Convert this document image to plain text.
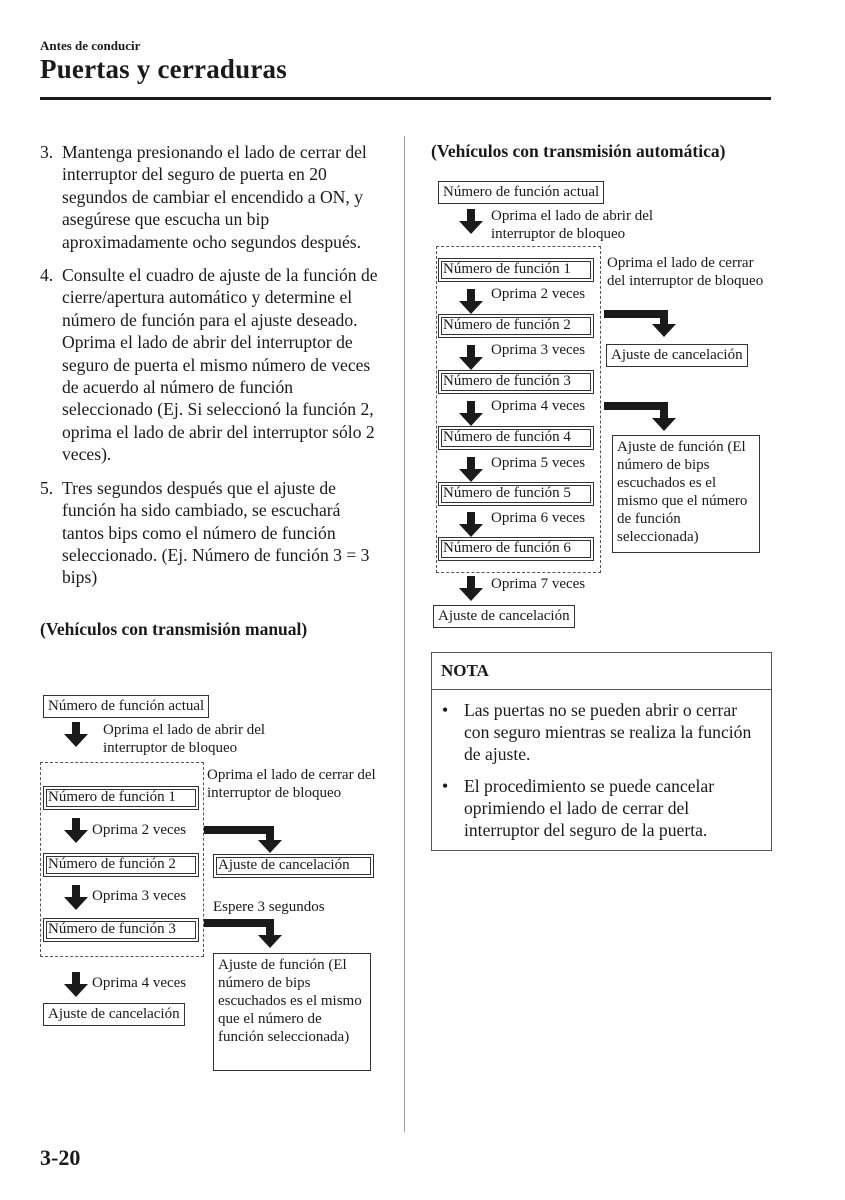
Antes de conducir
Puertas y cerraduras
3. Mantenga presionando el lado de cerrar del interruptor del seguro de puerta en 20 segundos de cambiar el encendido a ON, y asegúrese que escucha un bip aproximadamente ocho segundos después.
4. Consulte el cuadro de ajuste de la función de cierre/apertura automático y determine el número de función para el ajuste deseado. Oprima el lado de abrir del interruptor de seguro de puerta el mismo número de veces de acuerdo al número de función seleccionado (Ej. Si seleccionó la función 2, oprima el lado de abrir del interruptor sólo 2 veces).
5. Tres segundos después que el ajuste de función ha sido cambiado, se escuchará tantos bips como el número de función seleccionado. (Ej. Número de función 3 = 3 bips)
(Vehículos con transmisión manual)
(Vehículos con transmisión automática)
Número de función actual
Oprima el lado de abrir del interruptor de bloqueo
Número de función 1
Oprima 2 veces
Número de función 2
Oprima 3 veces
Número de función 3
Oprima 4 veces
Ajuste de cancelación
Oprima el lado de cerrar del interruptor de bloqueo
Ajuste de cancelación
Espere 3 segundos
Ajuste de función (El número de bips escuchados es el mismo que el número de función seleccionada)
Número de función actual
Oprima el lado de abrir del interruptor de bloqueo
Número de función 1
Oprima 2 veces
Número de función 2
Oprima 3 veces
Número de función 3
Oprima 4 veces
Número de función 4
Oprima 5 veces
Número de función 5
Oprima 6 veces
Número de función 6
Oprima 7 veces
Ajuste de cancelación
Oprima el lado de cerrar del interruptor de bloqueo
Ajuste de cancelación
Ajuste de función (El número de bips escuchados es el mismo que el número de función seleccionada)
NOTA
• Las puertas no se pueden abrir o cerrar con seguro mientras se realiza la función de ajuste.
• El procedimiento se puede cancelar oprimiendo el lado de cerrar del interruptor del seguro de la puerta.
3-20
